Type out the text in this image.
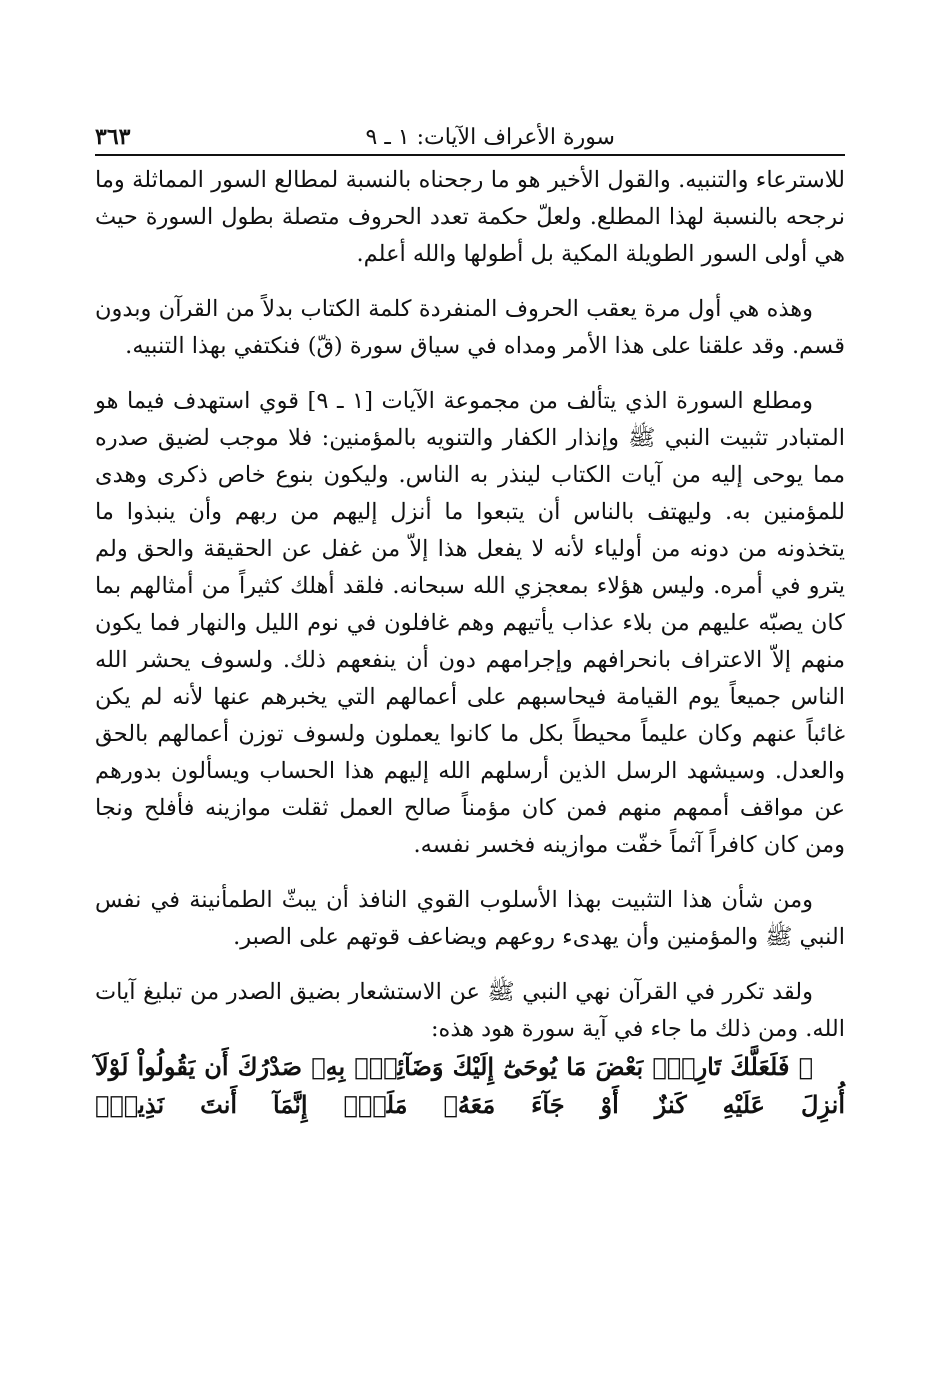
سورة الأعراف الآيات: ١ ـ ٩
٣٦٣

للاسترعاء والتنبيه. والقول الأخير هو ما رجحناه بالنسبة لمطالع السور المماثلة وما نرجحه بالنسبة لهذا المطلع. ولعلّ حكمة تعدد الحروف متصلة بطول السورة حيث هي أولى السور الطويلة المكية بل أطولها والله أعلم.

وهذه هي أول مرة يعقب الحروف المنفردة كلمة الكتاب بدلاً من القرآن وبدون قسم. وقد علقنا على هذا الأمر ومداه في سياق سورة (قّ) فنكتفي بهذا التنبيه.

ومطلع السورة الذي يتألف من مجموعة الآيات [١ ـ ٩] قوي استهدف فيما هو المتبادر تثبيت النبي ﷺ وإنذار الكفار والتنويه بالمؤمنين: فلا موجب لضيق صدره مما يوحى إليه من آيات الكتاب لينذر به الناس. وليكون بنوع خاص ذكرى وهدى للمؤمنين به. وليهتف بالناس أن يتبعوا ما أنزل إليهم من ربهم وأن ينبذوا ما يتخذونه من دونه من أولياء لأنه لا يفعل هذا إلاّ من غفل عن الحقيقة والحق ولم يترو في أمره. وليس هؤلاء بمعجزي الله سبحانه. فلقد أهلك كثيراً من أمثالهم بما كان يصبّه عليهم من بلاء عذاب يأتيهم وهم غافلون في نوم الليل والنهار فما يكون منهم إلاّ الاعتراف بانحرافهم وإجرامهم دون أن ينفعهم ذلك. ولسوف يحشر الله الناس جميعاً يوم القيامة فيحاسبهم على أعمالهم التي يخبرهم عنها لأنه لم يكن غائباً عنهم وكان عليماً محيطاً بكل ما كانوا يعملون ولسوف توزن أعمالهم بالحق والعدل. وسيشهد الرسل الذين أرسلهم الله إليهم هذا الحساب ويسألون بدورهم عن مواقف أممهم منهم فمن كان مؤمناً صالح العمل ثقلت موازينه فأفلح ونجا ومن كان كافراً آثماً خفّت موازينه فخسر نفسه.

ومن شأن هذا التثبيت بهذا الأسلوب القوي النافذ أن يبثّ الطمأنينة في نفس النبي ﷺ والمؤمنين وأن يهدىء روعهم ويضاعف قوتهم على الصبر.

ولقد تكرر في القرآن نهي النبي ﷺ عن الاستشعار بضيق الصدر من تبليغ آيات الله. ومن ذلك ما جاء في آية سورة هود هذه:
﴿ فَلَعَلَّكَ تَارِكٌۢ بَعْضَ مَا يُوحَىٰٓ إِلَيْكَ وَضَآئِقٌۢ بِهِۦ صَدْرُكَ أَن يَقُولُواْ لَوْلَآ أُنزِلَ عَلَيْهِ كَنزٌ أَوْ جَآءَ مَعَهُۥ مَلَكٌۚ إِنَّمَآ أَنتَ نَذِيرٌۚ
